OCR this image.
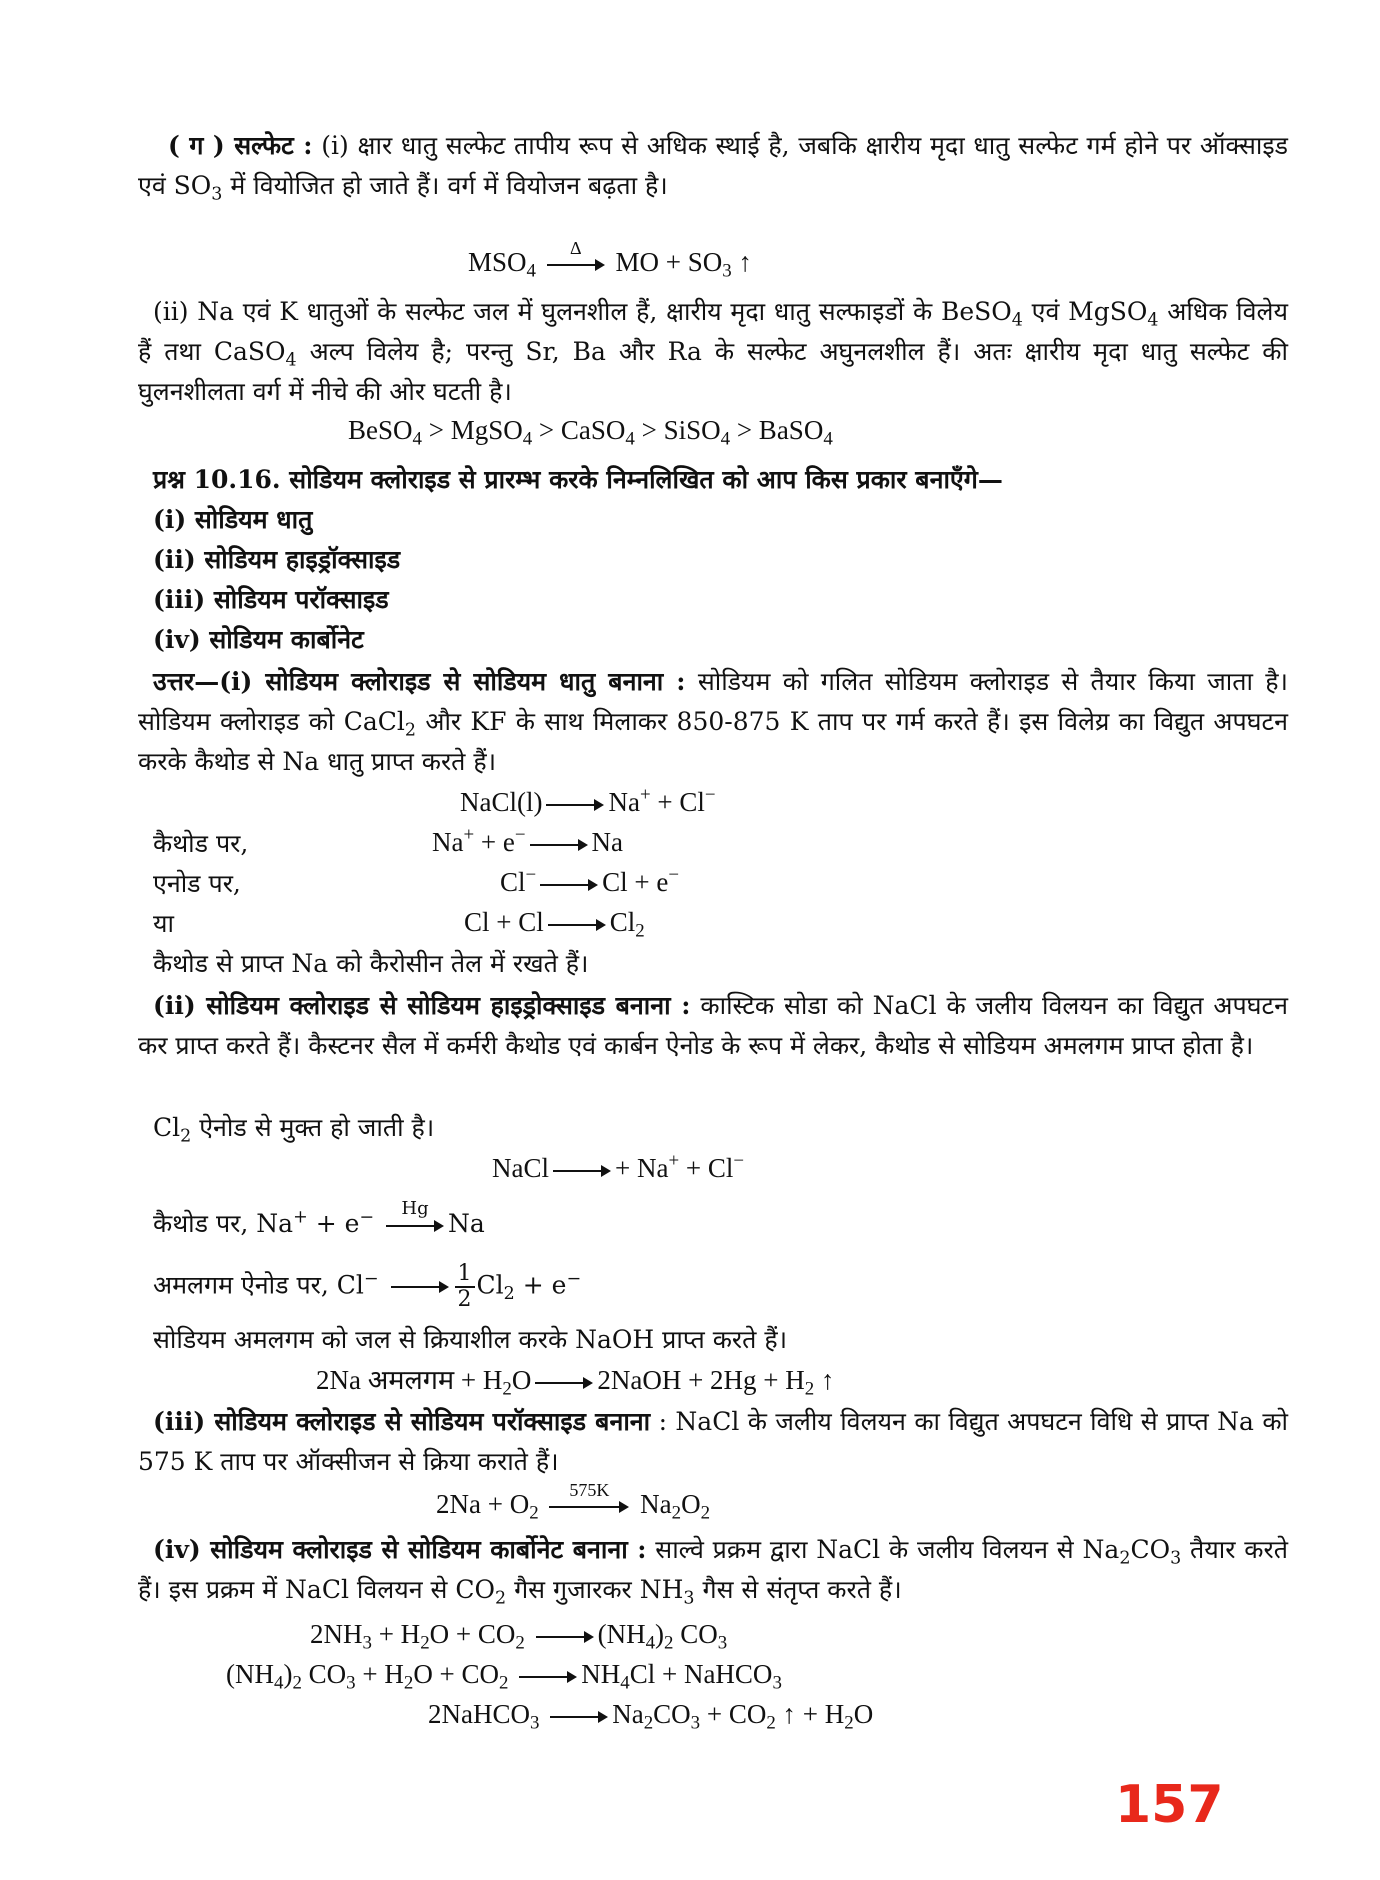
( ग ) सल्फेट : (i) क्षार धातु सल्फेट तापीय रूप से अधिक स्थाई है, जबकि क्षारीय मृदा धातु सल्फेट गर्म होने पर ऑक्साइड एवं $SO_3$ में वियोजित हो जाते हैं। वर्ग में वियोजन बढ़ता है।
$MSO_4$
Δ	MO + $SO_3$ ↑
(ii) Na एवं K धातुओं के सल्फेट जल में घुलनशील हैं, क्षारीय मृदा धातु सल्फाइडों के BeSO$_4$ एवं MgSO$_4$ अधिक विलेय हैं तथा CaSO$_4$ अल्प विलेय है; परन्तु Sr, Ba और Ra के सल्फेट अघुनलशील हैं। अतः क्षारीय मृदा धातु सल्फेट की घुलनशीलता वर्ग में नीचे की ओर घटती है।
BeSO$_4$ > MgSO$_4$ > CaSO$_4$ > SiSO$_4$ > BaSO$_4$
प्रश्न 10.16. सोडियम क्लोराइड से प्रारम्भ करके निम्नलिखित को आप किस प्रकार बनाएँगे—
(i) सोडियम धातु
(ii) सोडियम हाइड्रॉक्साइड
(iii) सोडियम परॉक्साइड
(iv) सोडियम कार्बोनेट
उत्तर—(i) सोडियम क्लोराइड से सोडियम धातु बनाना : सोडियम को गलित सोडियम क्लोराइड से तैयार किया जाता है। सोडियम क्लोराइड को CaCl$_2$ और KF के साथ मिलाकर 850-875 K ताप पर गर्म करते हैं। इस विलेय्र का विद्युत अपघटन करके कैथोड से Na धातु प्राप्त करते हैं।
NaCl(l) Na+ + Cl−
कैथोड पर,	Na+ + e− Na
एनोड पर,	Cl− Cl + e−
या	Cl + Cl $Cl_2$
कैथोड से प्राप्त Na को कैरोसीन तेल में रखते हैं।
(ii) सोडियम क्लोराइड से सोडियम हाइड्रोक्साइड बनाना : कास्टिक सोडा को NaCl के जलीय विलयन का विद्युत अपघटन कर प्राप्त करते हैं। कैस्टनर सैल में कर्मरी कैथोड एवं कार्बन ऐनोड के रूप में लेकर, कैथोड से सोडियम अमलगम प्राप्त होता है।
$Cl_2$ ऐनोड से मुक्त हो जाती है।
NaCl + Na+ + Cl−
कैथोड पर, Na+ + e−	Hg
Na
अमलगम ऐनोड पर, Cl−	$\frac{1}{2} Cl_2 + e^-$
सोडियम अमलगम को जल से क्रियाशील करके NaOH प्राप्त करते हैं।
2Na अमलगम + $H_2O$ 2NaOH + $2Hg + H_2$ ↑
(iii) सोडियम क्लोराइड से सोडियम परॉक्साइड बनाना : NaCl के जलीय विलयन का विद्युत अपघटन विधि से प्राप्त Na को 575 K ताप पर ऑक्सीजन से क्रिया कराते हैं।
$2Na + O_2$
575K	$Na_2O_2$
(iv) सोडियम क्लोराइड से सोडियम कार्बोनेट बनाना : साल्वे प्रक्रम द्वारा NaCl के जलीय विलयन से $Na_2CO_3$ तैयार करते हैं। इस प्रक्रम में NaCl विलयन से $CO_2$ गैस गुजारकर $NH_3$ गैस से संतृप्त करते हैं।
$2NH_3 + H_2O + CO_2$	$(NH_4)_2$ $CO_3$
$(NH_4)_2$ $CO_3 + H_2O + CO_2$	$NH_4Cl$ + NaHCO$_3$
2NaHCO$_3$	$Na_2CO_3 + CO_2$ ↑ + $H_2O$
157
